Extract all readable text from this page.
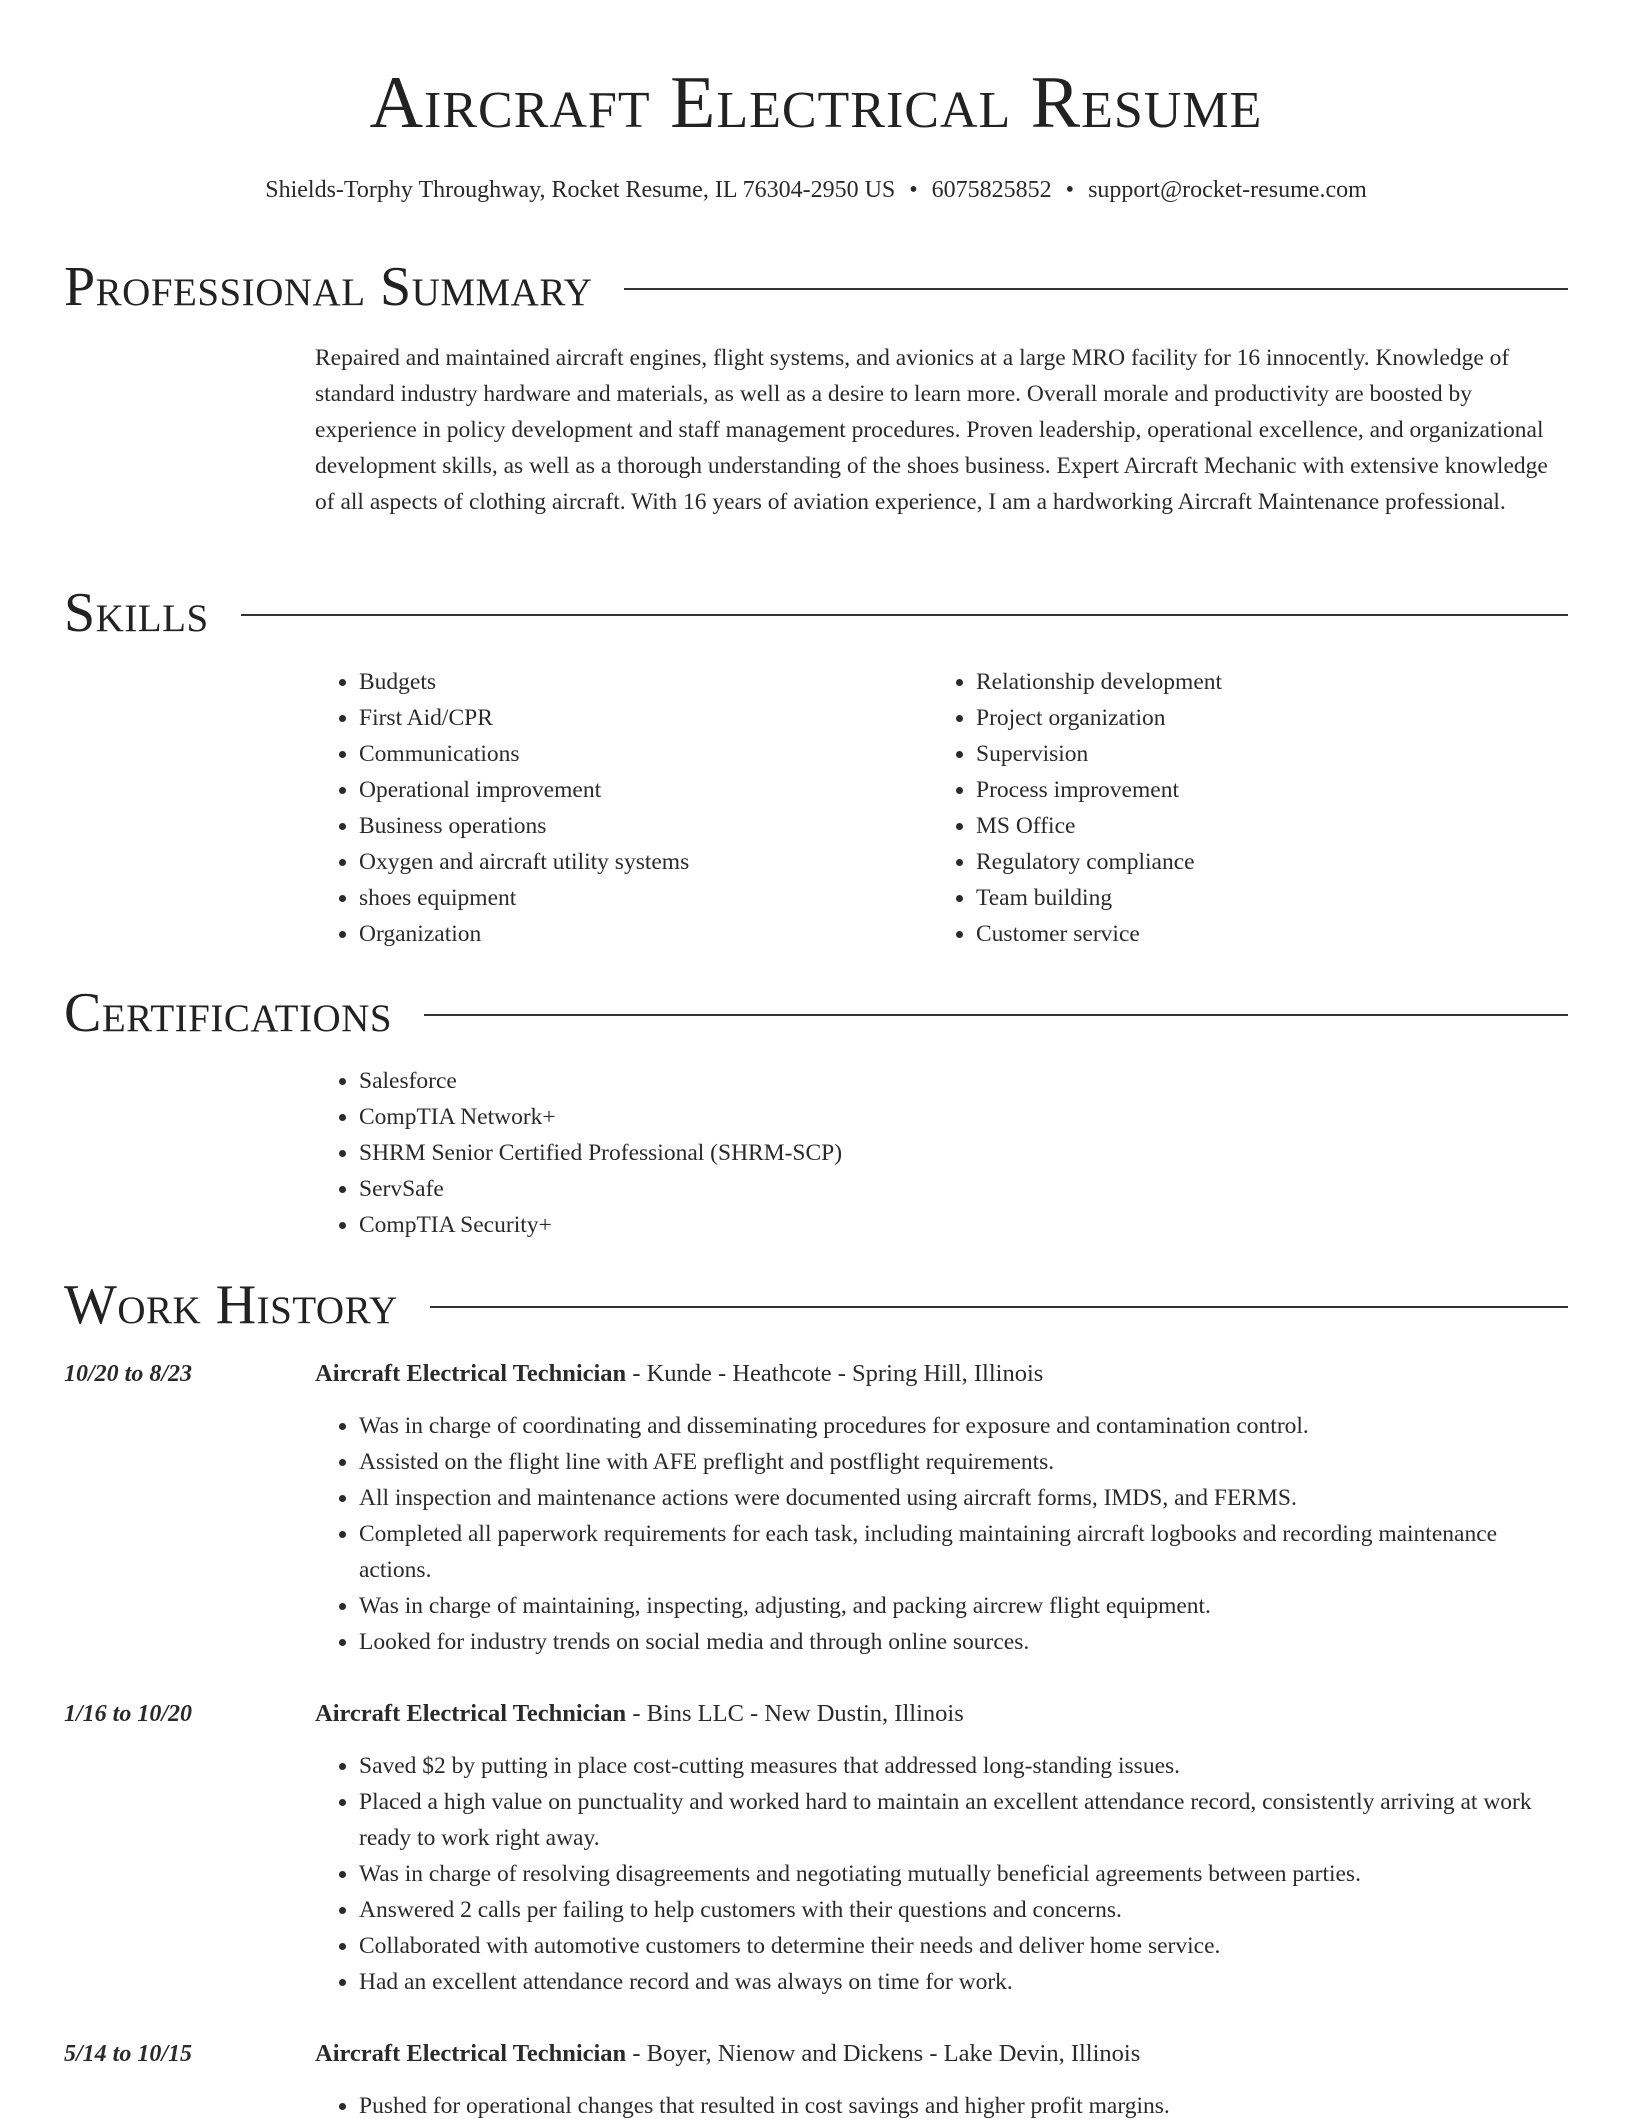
Aircraft Electrical Resume
Shields-Torphy Throughway, Rocket Resume, IL 76304-2950 US • 6075825852 • support@rocket-resume.com
Professional Summary

Repaired and maintained aircraft engines, flight systems, and avionics at a large MRO facility for 16 innocently. Knowledge of standard industry hardware and materials, as well as a desire to learn more. Overall morale and productivity are boosted by experience in policy development and staff management procedures. Proven leadership, operational excellence, and organizational development skills, as well as a thorough understanding of the shoes business. Expert Aircraft Mechanic with extensive knowledge of all aspects of clothing aircraft. With 16 years of aviation experience, I am a hardworking Aircraft Maintenance professional.

Skills
• Budgets
• First Aid/CPR
• Communications
• Operational improvement
• Business operations
• Oxygen and aircraft utility systems
• shoes equipment
• Organization
• Relationship development
• Project organization
• Supervision
• Process improvement
• MS Office
• Regulatory compliance
• Team building
• Customer service
Certifications
• Salesforce
• CompTIA Network+
• SHRM Senior Certified Professional (SHRM-SCP)
• ServSafe
• CompTIA Security+
Work History
10/20 to 8/23	Aircraft Electrical Technician - Kunde - Heathcote - Spring Hill, Illinois
• Was in charge of coordinating and disseminating procedures for exposure and contamination control.
• Assisted on the flight line with AFE preflight and postflight requirements.
• All inspection and maintenance actions were documented using aircraft forms, IMDS, and FERMS.
• Completed all paperwork requirements for each task, including maintaining aircraft logbooks and recording maintenance actions.
• Was in charge of maintaining, inspecting, adjusting, and packing aircrew flight equipment.
• Looked for industry trends on social media and through online sources.
1/16 to 10/20	Aircraft Electrical Technician - Bins LLC - New Dustin, Illinois
• Saved $2 by putting in place cost-cutting measures that addressed long-standing issues.
• Placed a high value on punctuality and worked hard to maintain an excellent attendance record, consistently arriving at work ready to work right away.
• Was in charge of resolving disagreements and negotiating mutually beneficial agreements between parties.
• Answered 2 calls per failing to help customers with their questions and concerns.
• Collaborated with automotive customers to determine their needs and deliver home service.
• Had an excellent attendance record and was always on time for work.
5/14 to 10/15	Aircraft Electrical Technician - Boyer, Nienow and Dickens - Lake Devin, Illinois
• Pushed for operational changes that resulted in cost savings and higher profit margins.
